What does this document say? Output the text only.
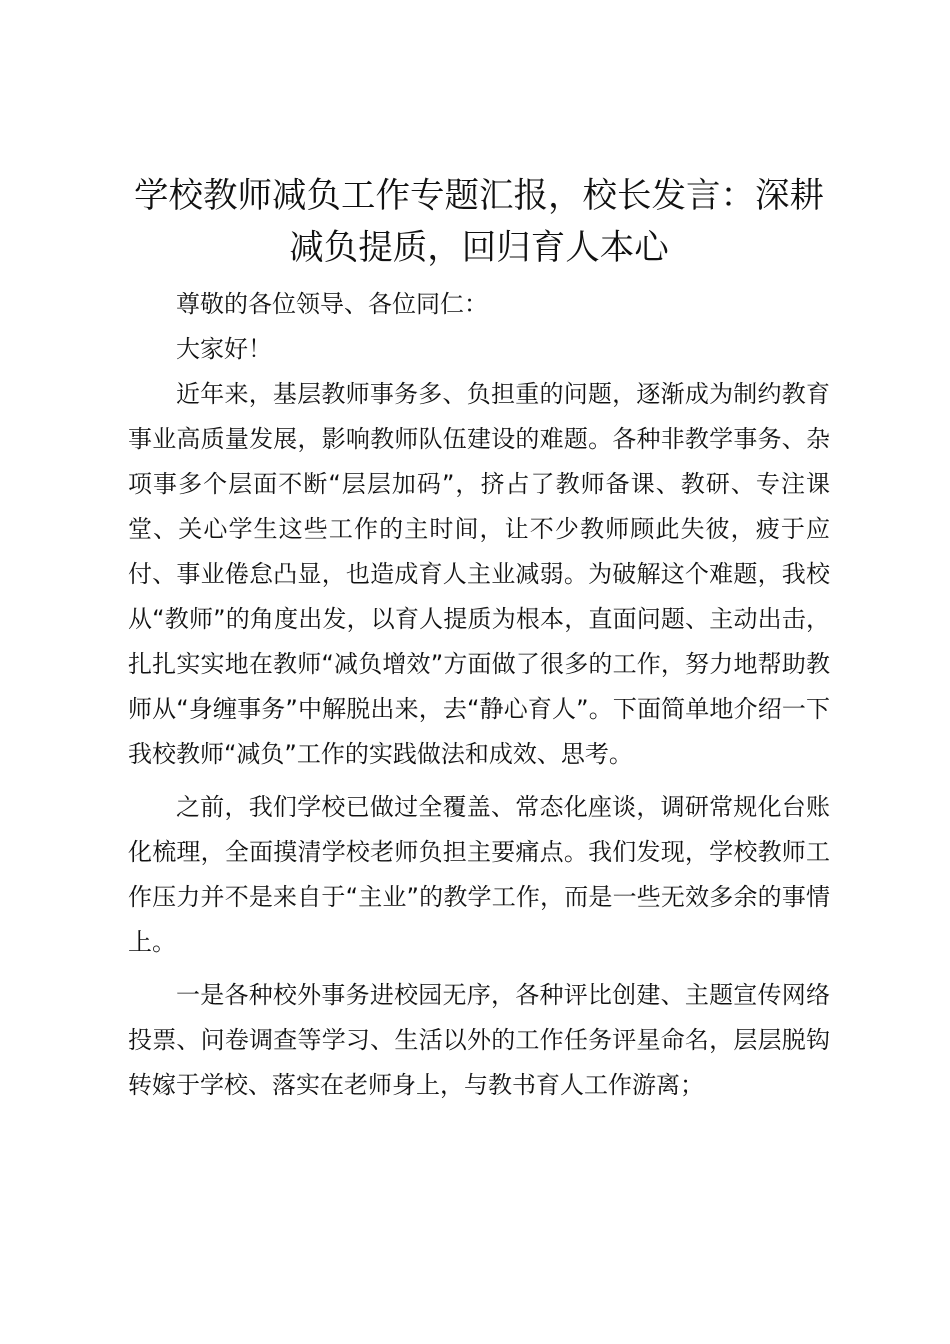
学校教师减负工作专题汇报，校长发言：深耕减负提质，回归育人本心

尊敬的各位领导、各位同仁：

大家好！

近年来，基层教师事务多、负担重的问题，逐渐成为制约教育事业高质量发展，影响教师队伍建设的难题。各种非教学事务、杂项事多个层面不断“层层加码”，挤占了教师备课、教研、专注课堂、关心学生这些工作的主时间，让不少教师顾此失彼，疲于应付、事业倦怠凸显，也造成育人主业减弱。为破解这个难题，我校从“教师”的角度出发，以育人提质为根本，直面问题、主动出击，扎扎实实地在教师“减负增效”方面做了很多的工作，努力地帮助教师从“身缠事务”中解脱出来，去“静心育人”。下面简单地介绍一下我校教师“减负”工作的实践做法和成效、思考。

之前，我们学校已做过全覆盖、常态化座谈，调研常规化台账化梳理，全面摸清学校老师负担主要痛点。我们发现，学校教师工作压力并不是来自于“主业”的教学工作，而是一些无效多余的事情上。

一是各种校外事务进校园无序，各种评比创建、主题宣传网络投票、问卷调查等学习、生活以外的工作任务评星命名，层层脱钩转嫁于学校、落实在老师身上，与教书育人工作游离；
